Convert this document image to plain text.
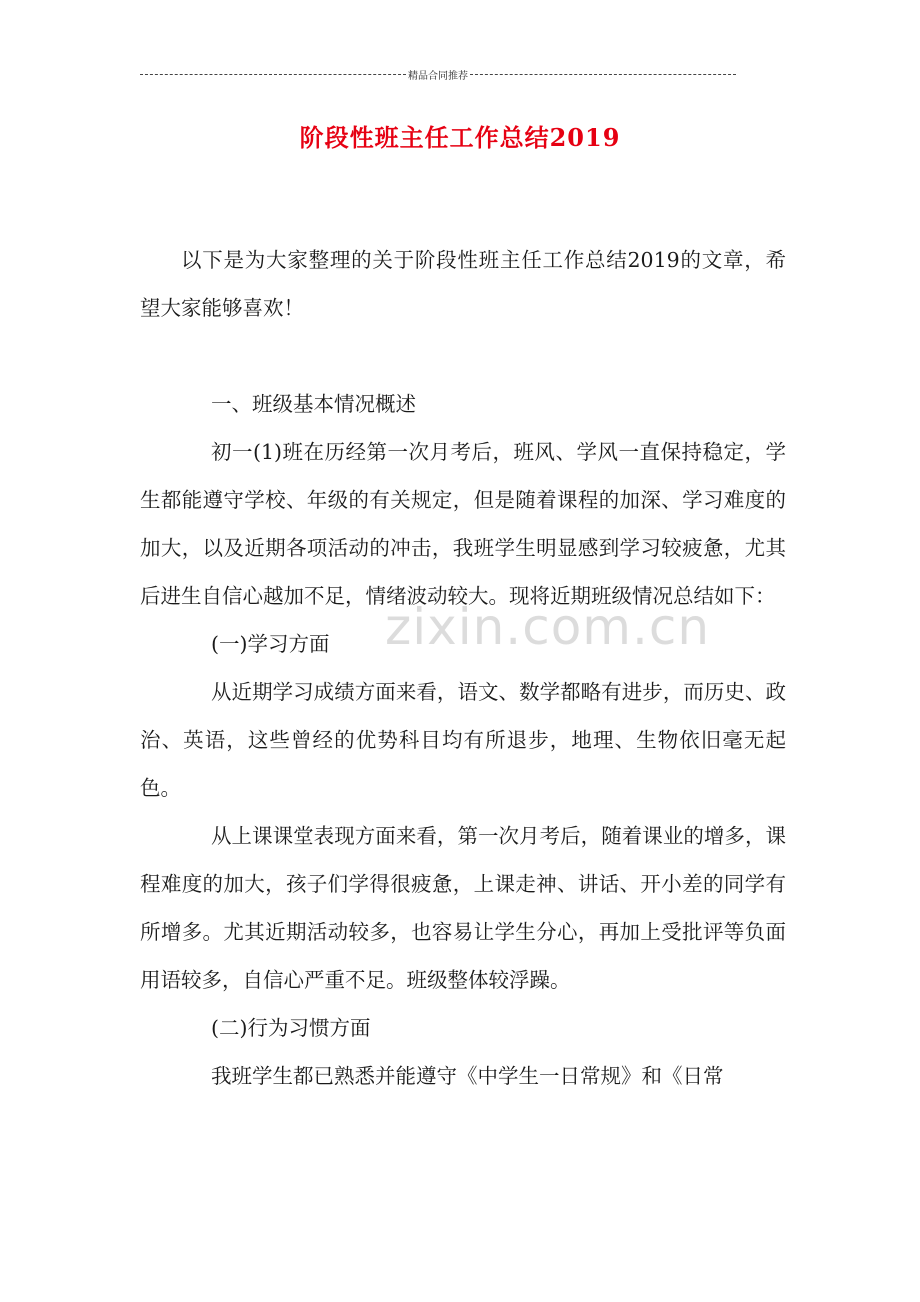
精品合同推荐
阶段性班主任工作总结2019

以下是为大家整理的关于阶段性班主任工作总结2019的文章，希望大家能够喜欢！

一、班级基本情况概述

初一(1)班在历经第一次月考后，班风、学风一直保持稳定，学生都能遵守学校、年级的有关规定，但是随着课程的加深、学习难度的加大，以及近期各项活动的冲击，我班学生明显感到学习较疲惫，尤其后进生自信心越加不足，情绪波动较大。现将近期班级情况总结如下：

(一)学习方面

从近期学习成绩方面来看，语文、数学都略有进步，而历史、政治、英语，这些曾经的优势科目均有所退步，地理、生物依旧毫无起色。

从上课课堂表现方面来看，第一次月考后，随着课业的增多，课程难度的加大，孩子们学得很疲惫，上课走神、讲话、开小差的同学有所增多。尤其近期活动较多，也容易让学生分心，再加上受批评等负面用语较多，自信心严重不足。班级整体较浮躁。

(二)行为习惯方面

我班学生都已熟悉并能遵守《中学生一日常规》和《日常

zixin.com.cn
